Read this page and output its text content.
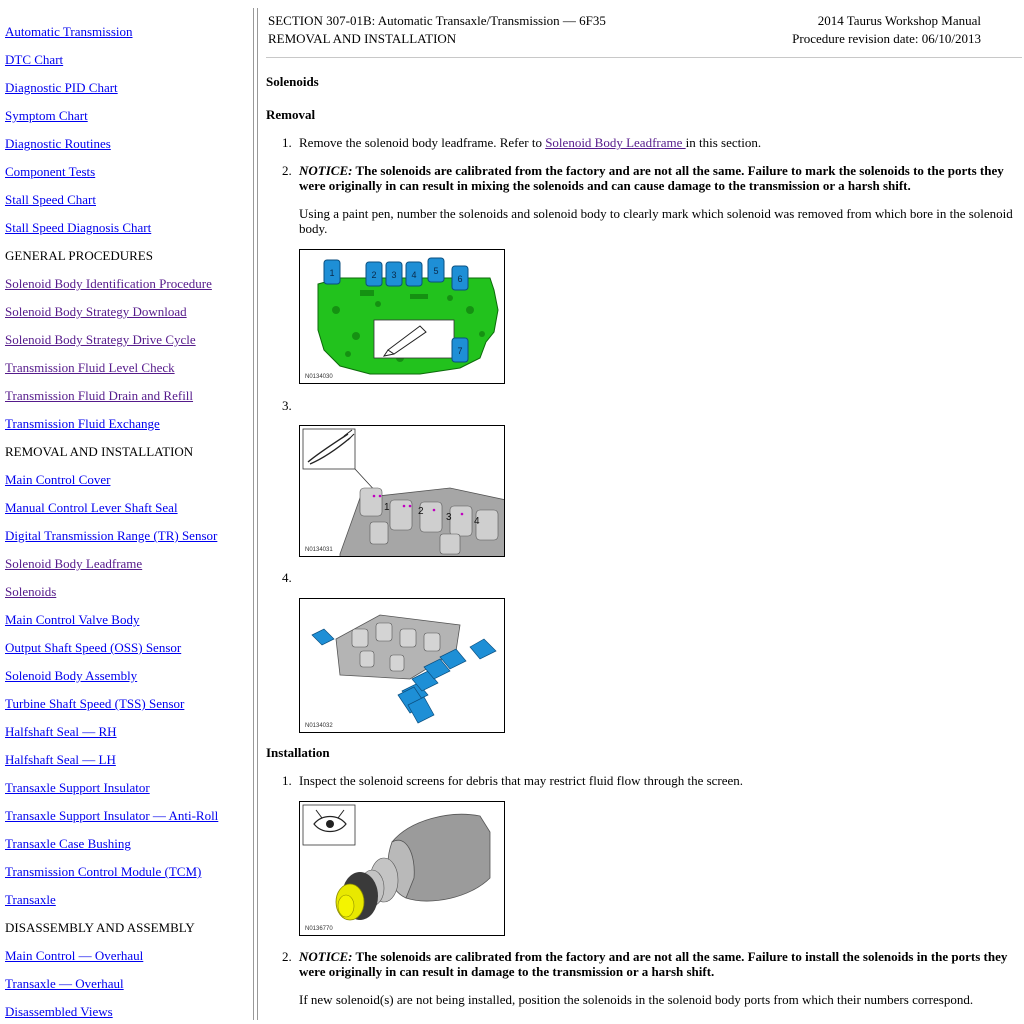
Automatic Transmission
DTC Chart
Diagnostic PID Chart
Symptom Chart
Diagnostic Routines
Component Tests
Stall Speed Chart
Stall Speed Diagnosis Chart
GENERAL PROCEDURES
Solenoid Body Identification Procedure
Solenoid Body Strategy Download
Solenoid Body Strategy Drive Cycle
Transmission Fluid Level Check
Transmission Fluid Drain and Refill
Transmission Fluid Exchange
REMOVAL AND INSTALLATION
Main Control Cover
Manual Control Lever Shaft Seal
Digital Transmission Range (TR) Sensor
Solenoid Body Leadframe
Solenoids
Main Control Valve Body
Output Shaft Speed (OSS) Sensor
Solenoid Body Assembly
Turbine Shaft Speed (TSS) Sensor
Halfshaft Seal — RH
Halfshaft Seal — LH
Transaxle Support Insulator
Transaxle Support Insulator — Anti-Roll
Transaxle Case Bushing
Transmission Control Module (TCM)
Transaxle
DISASSEMBLY AND ASSEMBLY
Main Control — Overhaul
Transaxle — Overhaul
Disassembled Views
SECTION 307-01B: Automatic Transaxle/Transmission — 6F35
REMOVAL AND INSTALLATION
2014 Taurus Workshop Manual
Procedure revision date: 06/10/2013
Solenoids
Removal
1. Remove the solenoid body leadframe. Refer to Solenoid Body Leadframe in this section.
2. NOTICE: The solenoids are calibrated from the factory and are not all the same. Failure to mark the solenoids to the ports they were originally in can result in mixing the solenoids and can cause damage to the transmission or a harsh shift.
Using a paint pen, number the solenoids and solenoid body to clearly mark which solenoid was removed from which bore in the solenoid body.
1	2 3 4 5
6
7
N0134030
3.
1	2
3 4
N0134031
4.
N0134032
Installation
1. Inspect the solenoid screens for debris that may restrict fluid flow through the screen.
N0136770
2. NOTICE: The solenoids are calibrated from the factory and are not all the same. Failure to install the solenoids in the ports they were originally in can result in damage to the transmission or a harsh shift.
If new solenoid(s) are not being installed, position the solenoids in the solenoid body ports from which their numbers correspond.
